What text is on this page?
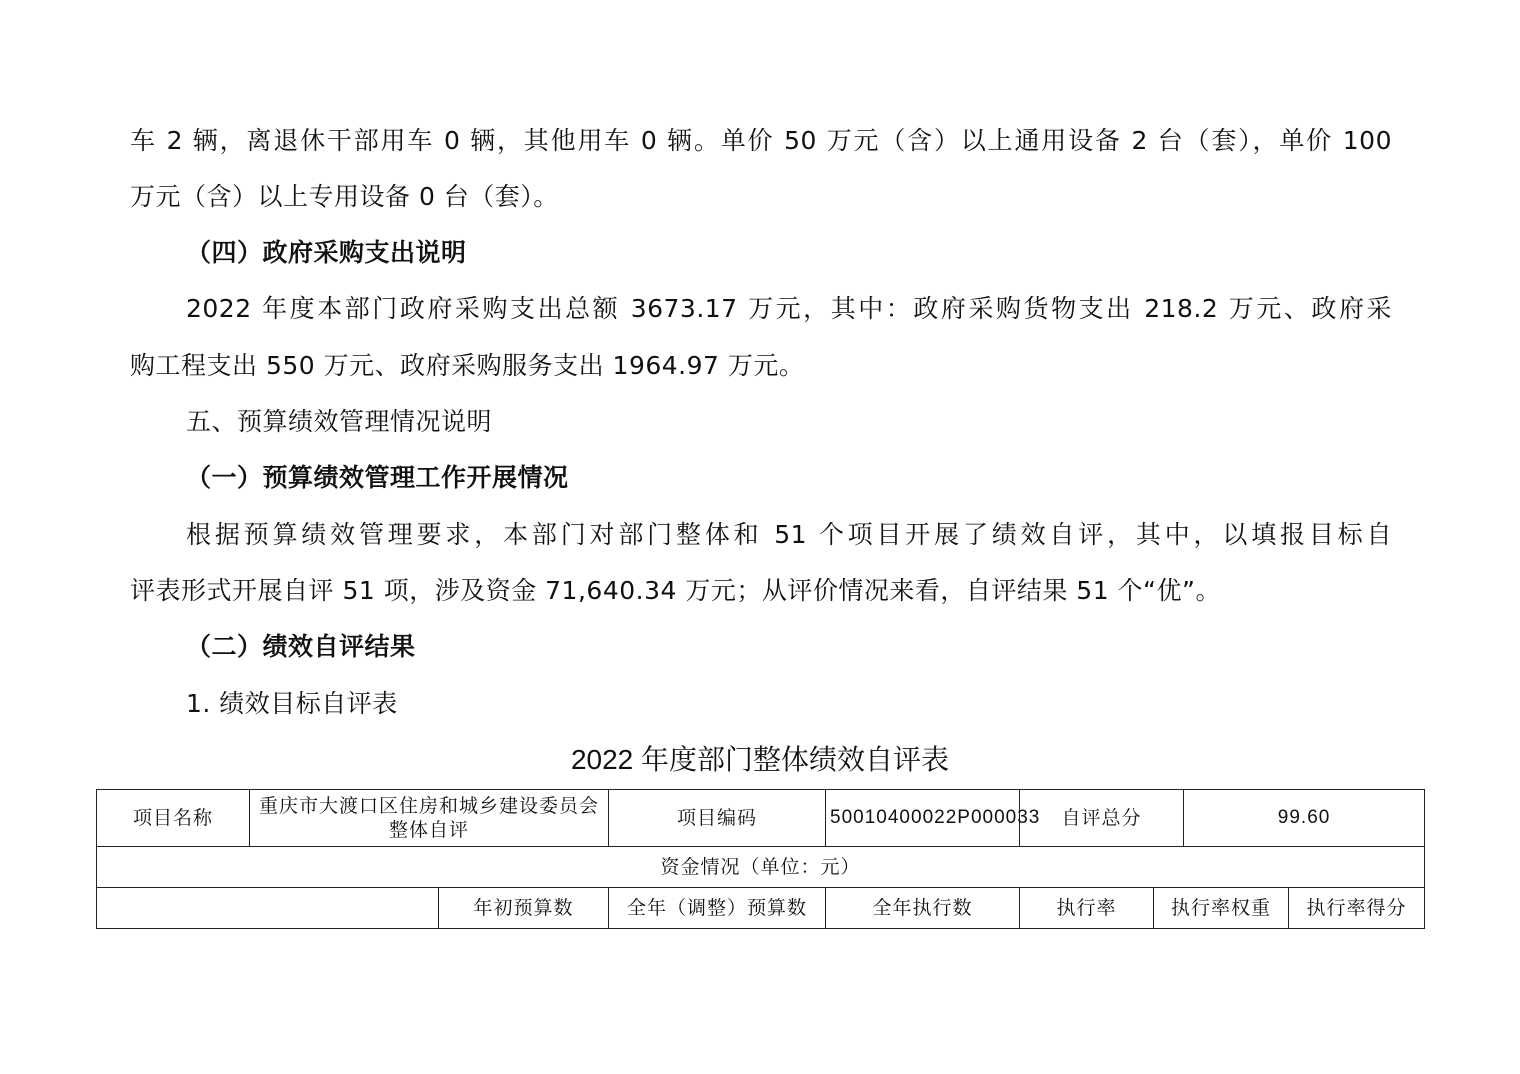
车 2 辆，离退休干部用车 0 辆，其他用车 0 辆。单价 50 万元（含）以上通用设备 2 台（套），单价 100
万元（含）以上专用设备 0 台（套）。
（四）政府采购支出说明
2022 年度本部门政府采购支出总额 3673.17 万元，其中：政府采购货物支出 218.2 万元、政府采
购工程支出 550 万元、政府采购服务支出 1964.97 万元。
五、预算绩效管理情况说明
（一）预算绩效管理工作开展情况
根据预算绩效管理要求，本部门对部门整体和 51 个项目开展了绩效自评，其中，以填报目标自
评表形式开展自评 51 项，涉及资金 71,640.34 万元；从评价情况来看，自评结果 51 个“优”。
（二）绩效自评结果
1. 绩效目标自评表
2022 年度部门整体绩效自评表
项目名称	重庆市大渡口区住房和城乡建设委员会整体自评		项目编码	50010400022P000033	自评总分		99.60	
资金情况（单位：元）								
		年初预算数	全年（调整）预算数	全年执行数	执行率	执行率权重		执行率得分
